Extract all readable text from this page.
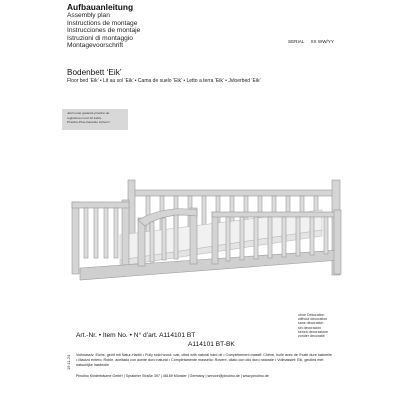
Aufbauanleitung
Assembly plan
Instructions de montage
Instrucciones de montaje
Istruzioni di montaggio
Montagevoorschrift
SERIAL XX WW/YY
Bodenbett ‘Eik’
Floor bed ‘Eik’ • Lit au sol ‘Eik’ • Cama de suelo ‘Eik’ • Letto a terra ‘Eik’ • Jvloerbed ‘Eik’
Jetzt unter garantie.pinolino.de
registrieren und 10 Jahre
Pinolino-Plus-Garantie sichern!
ohne Dekoration
without decoration
sans décoration
sin decoración
senza decorazione
zonder decoratie
Art.-Nr. • Item No. • N° d’art. A114101 BT
A114101 BT-BK
Vollmassiv: Eiche, geölt mit Natur-Hartöl • Fully solid wood: oak, oiled with natural hard oil • Complètement massif: Chêne, huilé avec de l’huile dure naturelle • Macizo entero: Roble, aceitado con aceite duro natural • Completamente massello: Rovere, oliato con olio duro naturale • Volmassief: Eik, geolied met natuurlijke hardeolie
Pinolino Kinderträume GmbH | Sprakeler Straße 397 | 48159 Münster | Germany | service@pinolino.de | www.pinolino.de
19.11.24
